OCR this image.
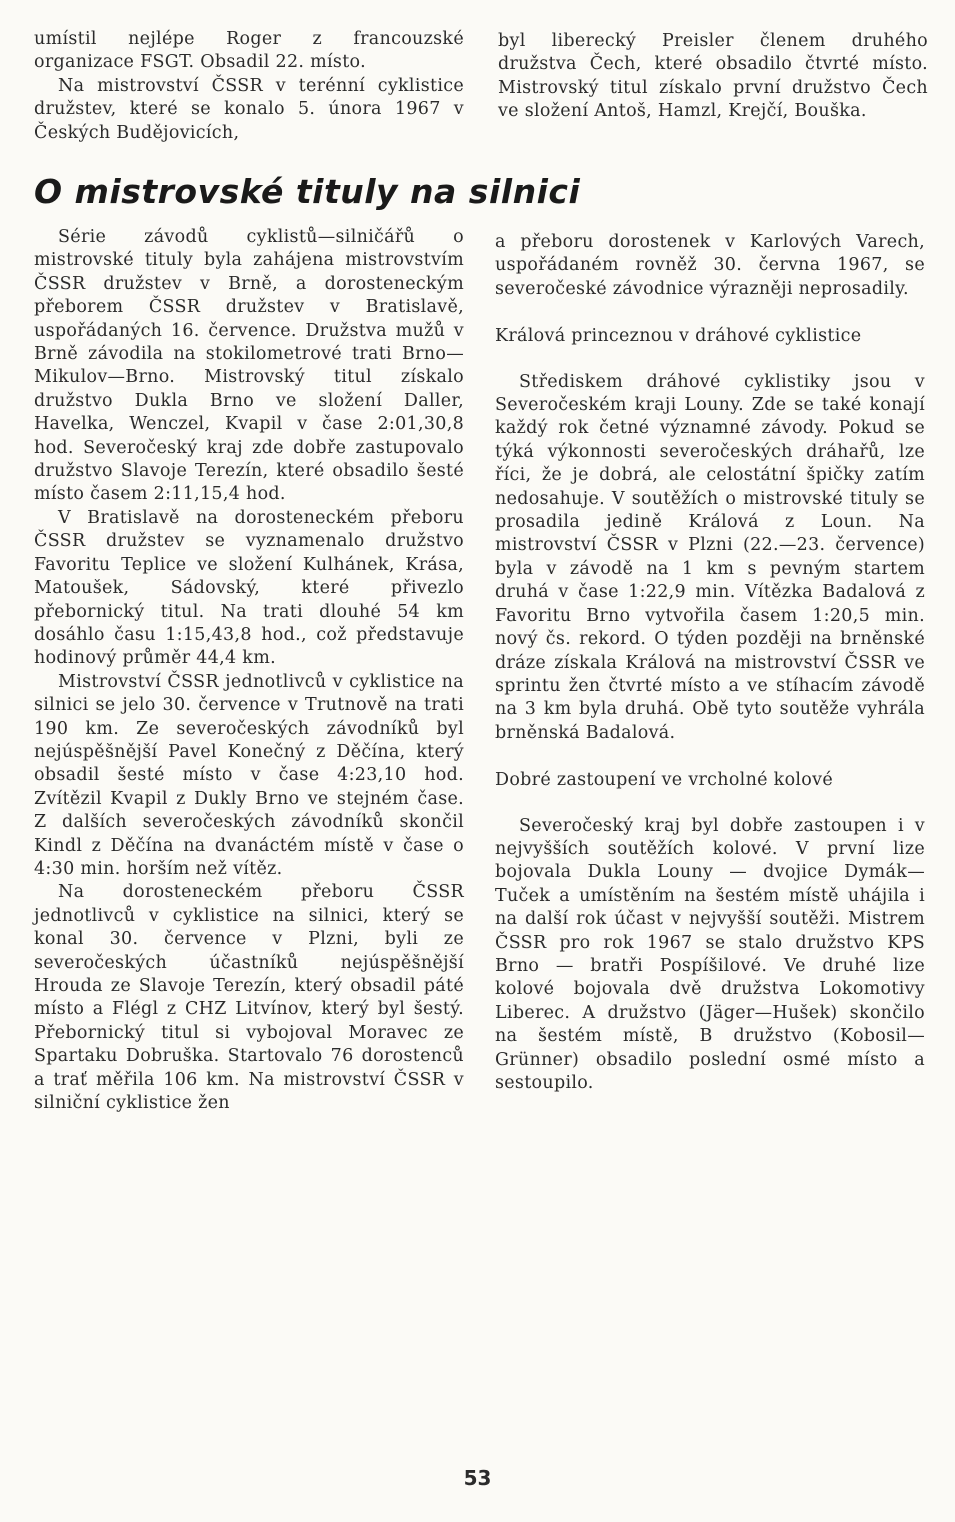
umístil nejlépe Roger z francouzské organizace FSGT. Obsadil 22. místo.

Na mistrovství ČSSR v terénní cyklistice družstev, které se konalo 5. února 1967 v Českých Budějovicích,

byl liberecký Preisler členem druhého družstva Čech, které obsadilo čtvrté místo. Mistrovský titul získalo první družstvo Čech ve složení Antoš, Hamzl, Krejčí, Bouška.

O mistrovské tituly na silnici

Série závodů cyklistů—silničářů o mistrovské tituly byla zahájena mistrovstvím ČSSR družstev v Brně, a dorosteneckým přeborem ČSSR družstev v Bratislavě, uspořádaných 16. července. Družstva mužů v Brně závodila na stokilometrové trati Brno—Mikulov—Brno. Mistrovský titul získalo družstvo Dukla Brno ve složení Daller, Havelka, Wenczel, Kvapil v čase 2:01,30,8 hod. Severočeský kraj zde dobře zastupovalo družstvo Slavoje Terezín, které obsadilo šesté místo časem 2:11,15,4 hod.

V Bratislavě na dorosteneckém přeboru ČSSR družstev se vyznamenalo družstvo Favoritu Teplice ve složení Kulhánek, Krása, Matoušek, Sádovský, které přivezlo přebornický titul. Na trati dlouhé 54 km dosáhlo času 1:15,43,8 hod., což představuje hodinový průměr 44,4 km.

Mistrovství ČSSR jednotlivců v cyklistice na silnici se jelo 30. července v Trutnově na trati 190 km. Ze severočeských závodníků byl nejúspěšnější Pavel Konečný z Děčína, který obsadil šesté místo v čase 4:23,10 hod. Zvítězil Kvapil z Dukly Brno ve stejném čase. Z dalších severočeských závodníků skončil Kindl z Děčína na dvanáctém místě v čase o 4:30 min. horším než vítěz.

Na dorosteneckém přeboru ČSSR jednotlivců v cyklistice na silnici, který se konal 30. července v Plzni, byli ze severočeských účastníků nejúspěšnější Hrouda ze Slavoje Terezín, který obsadil páté místo a Flégl z CHZ Litvínov, který byl šestý. Přebornický titul si vybojoval Moravec ze Spartaku Dobruška. Startovalo 76 dorostenců a trať měřila 106 km. Na mistrovství ČSSR v silniční cyklistice žen

a přeboru dorostenek v Karlových Varech, uspořádaném rovněž 30. června 1967, se severočeské závodnice výrazněji neprosadily.

Králová princeznou v dráhové cyklistice

Střediskem dráhové cyklistiky jsou v Severočeském kraji Louny. Zde se také konají každý rok četné významné závody. Pokud se týká výkonnosti severočeských dráhařů, lze říci, že je dobrá, ale celostátní špičky zatím nedosahuje. V soutěžích o mistrovské tituly se prosadila jedině Králová z Loun. Na mistrovství ČSSR v Plzni (22.—23. července) byla v závodě na 1 km s pevným startem druhá v čase 1:22,9 min. Vítězka Badalová z Favoritu Brno vytvořila časem 1:20,5 min. nový čs. rekord. O týden později na brněnské dráze získala Králová na mistrovství ČSSR ve sprintu žen čtvrté místo a ve stíhacím závodě na 3 km byla druhá. Obě tyto soutěže vyhrála brněnská Badalová.

Dobré zastoupení ve vrcholné kolové

Severočeský kraj byl dobře zastoupen i v nejvyšších soutěžích kolové. V první lize bojovala Dukla Louny — dvojice Dymák—Tuček a umístěním na šestém místě uhájila i na další rok účast v nejvyšší soutěži. Mistrem ČSSR pro rok 1967 se stalo družstvo KPS Brno — bratři Pospíšilové. Ve druhé lize kolové bojovala dvě družstva Lokomotivy Liberec. A družstvo (Jäger—Hušek) skončilo na šestém místě, B družstvo (Kobosil—Grünner) obsadilo poslední osmé místo a sestoupilo.

53
